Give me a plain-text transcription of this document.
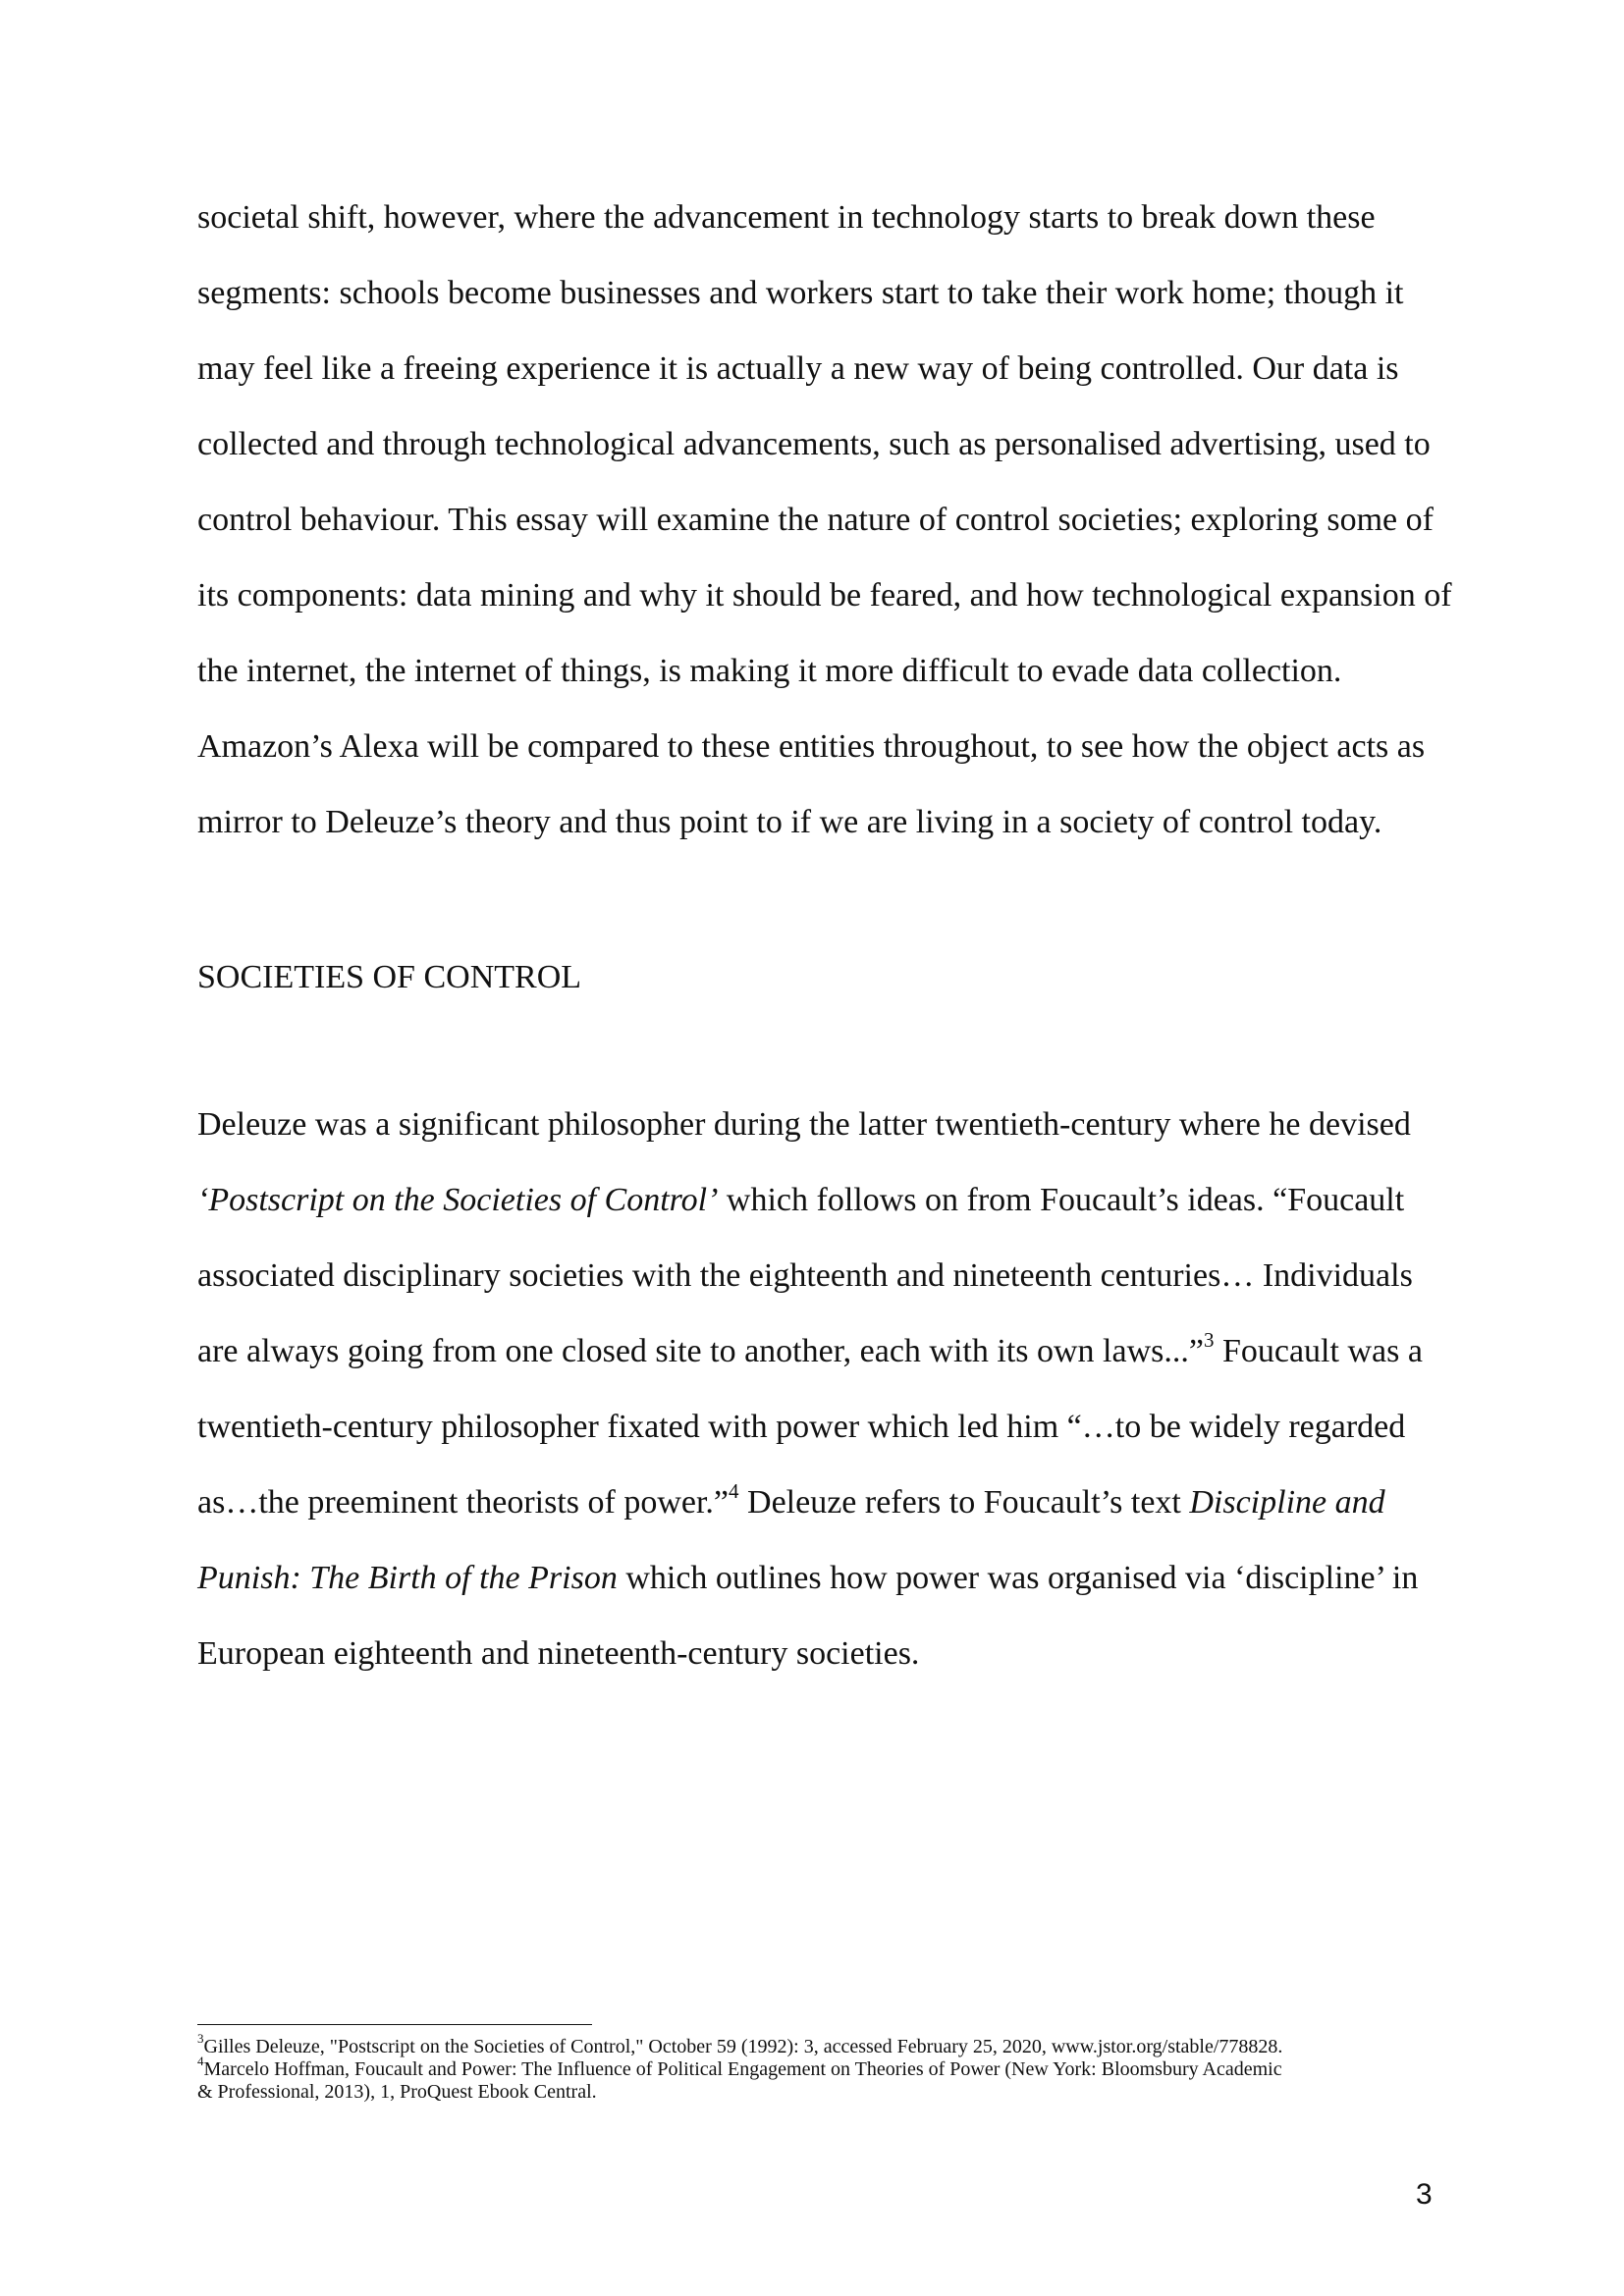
societal shift, however, where the advancement in technology starts to break down these
segments: schools become businesses and workers start to take their work home; though it
may feel like a freeing experience it is actually a new way of being controlled. Our data is
collected and through technological advancements, such as personalised advertising, used to
control behaviour. This essay will examine the nature of control societies; exploring some of
its components: data mining and why it should be feared, and how technological expansion of
the internet, the internet of things, is making it more difficult to evade data collection.
Amazon’s Alexa will be compared to these entities throughout, to see how the object acts as
mirror to Deleuze’s theory and thus point to if we are living in a society of control today.
SOCIETIES OF CONTROL
Deleuze was a significant philosopher during the latter twentieth-century where he devised
‘Postscript on the Societies of Control’ which follows on from Foucault’s ideas. “Foucault
associated disciplinary societies with the eighteenth and nineteenth centuries… Individuals
are always going from one closed site to another, each with its own laws...”$^3$ Foucault was a
twentieth-century philosopher fixated with power which led him “…to be widely regarded
as…the preeminent theorists of power.”$^4$ Deleuze refers to Foucault’s text Discipline and
Punish: The Birth of the Prison which outlines how power was organised via ‘discipline’ in
European eighteenth and nineteenth-century societies.
$^3$Gilles Deleuze, "Postscript on the Societies of Control," October 59 (1992): 3, accessed February 25, 2020, www.jstor.org/stable/778828.
$^4$Marcelo Hoffman, Foucault and Power: The Influence of Political Engagement on Theories of Power (New York: Bloomsbury Academic
& Professional, 2013), 1, ProQuest Ebook Central.
3
